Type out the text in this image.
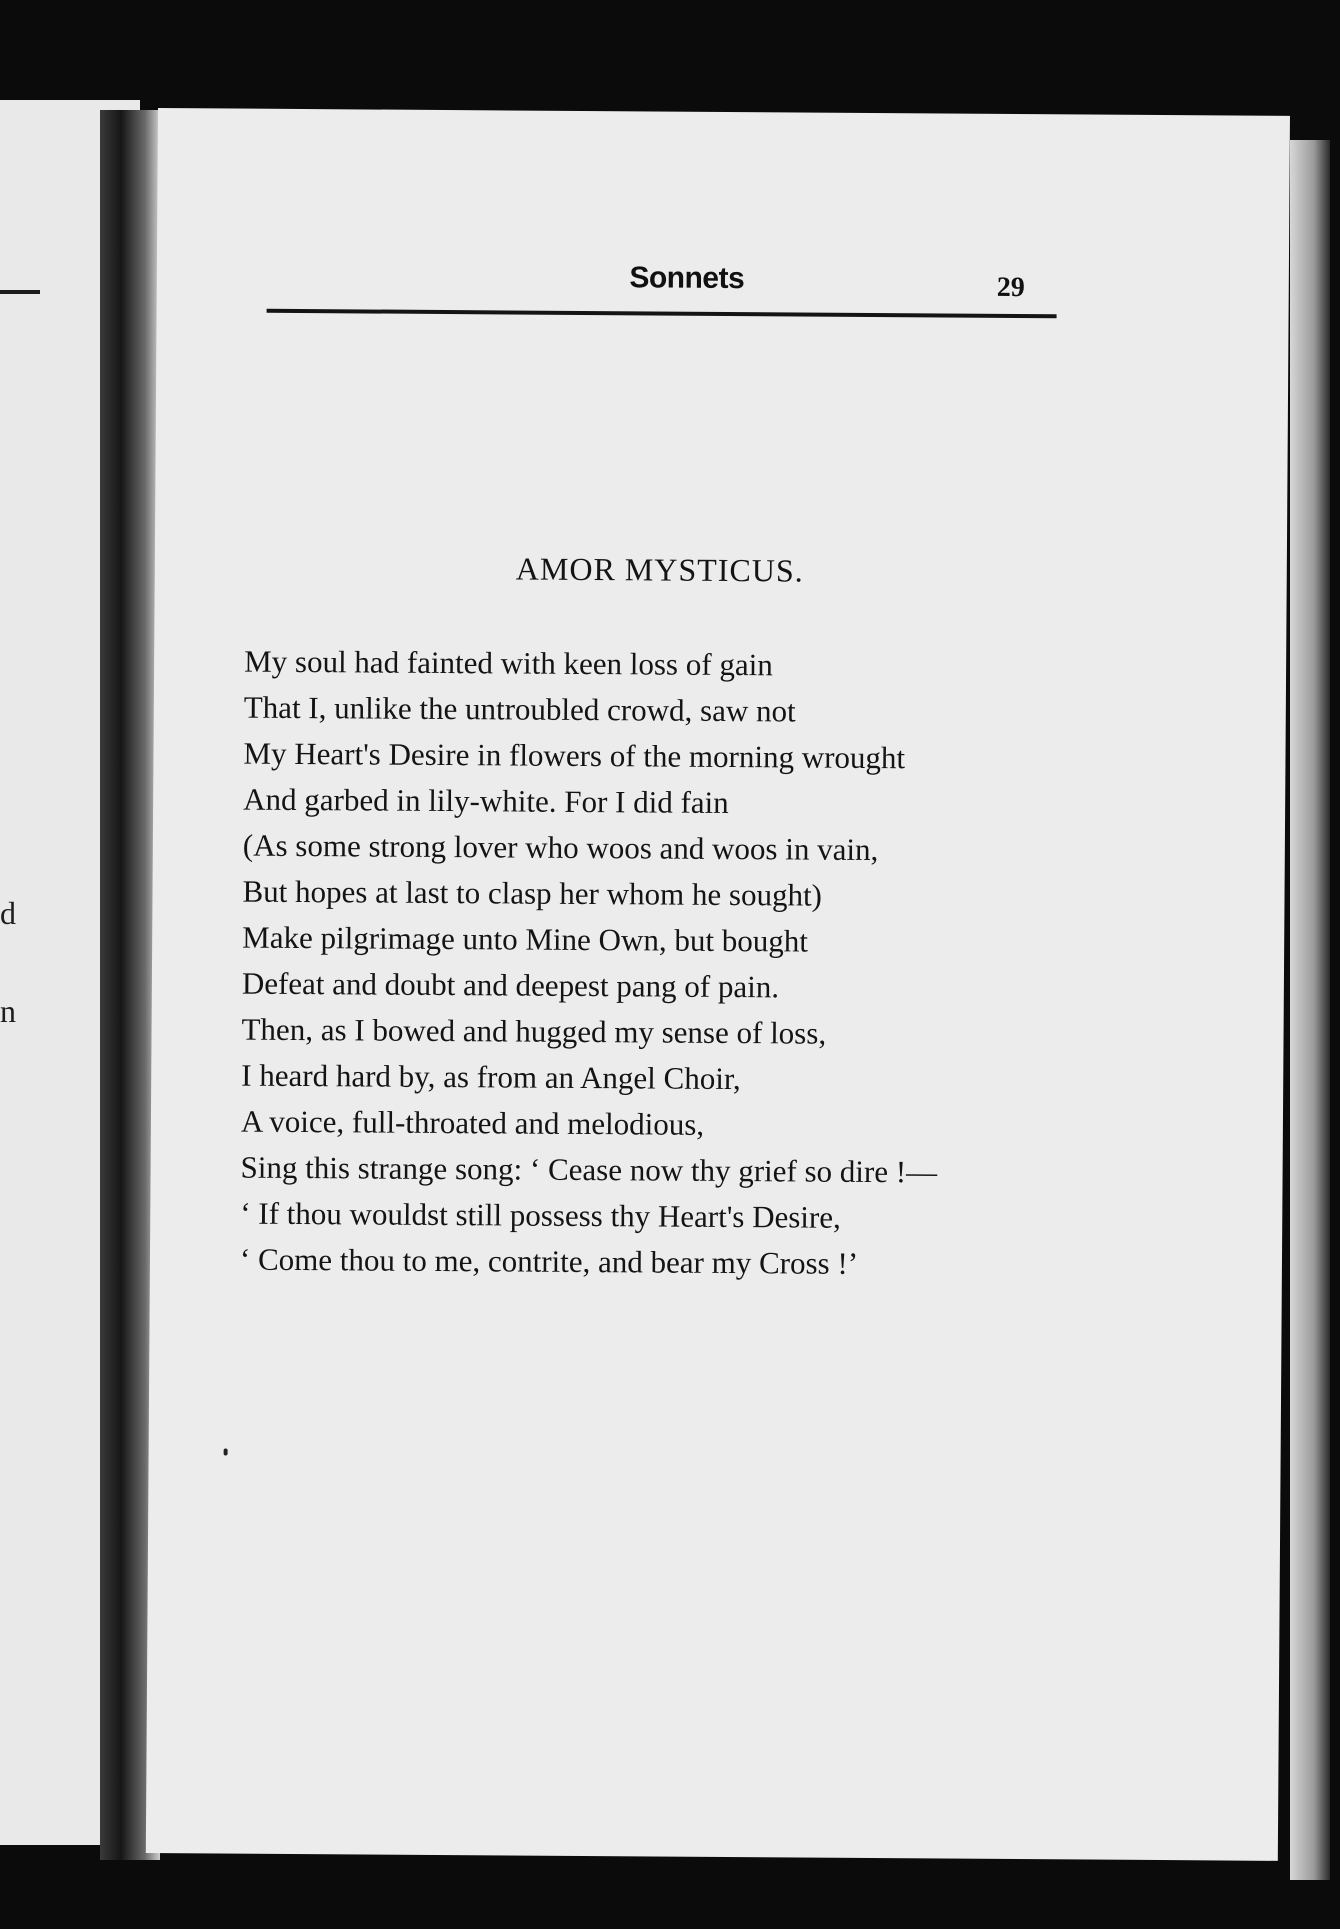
d
n
Sonnets	29
AMOR MYSTICUS.
My soul had fainted with keen loss of gain
That I, unlike the untroubled crowd, saw not
My Heart's Desire in flowers of the morning wrought
And garbed in lily-white. For I did fain
(As some strong lover who woos and woos in vain,
But hopes at last to clasp her whom he sought)
Make pilgrimage unto Mine Own, but bought
Defeat and doubt and deepest pang of pain.
Then, as I bowed and hugged my sense of loss,
I heard hard by, as from an Angel Choir,
A voice, full-throated and melodious,
Sing this strange song: ‘ Cease now thy grief so dire !—
‘ If thou wouldst still possess thy Heart's Desire,
‘ Come thou to me, contrite, and bear my Cross !’
